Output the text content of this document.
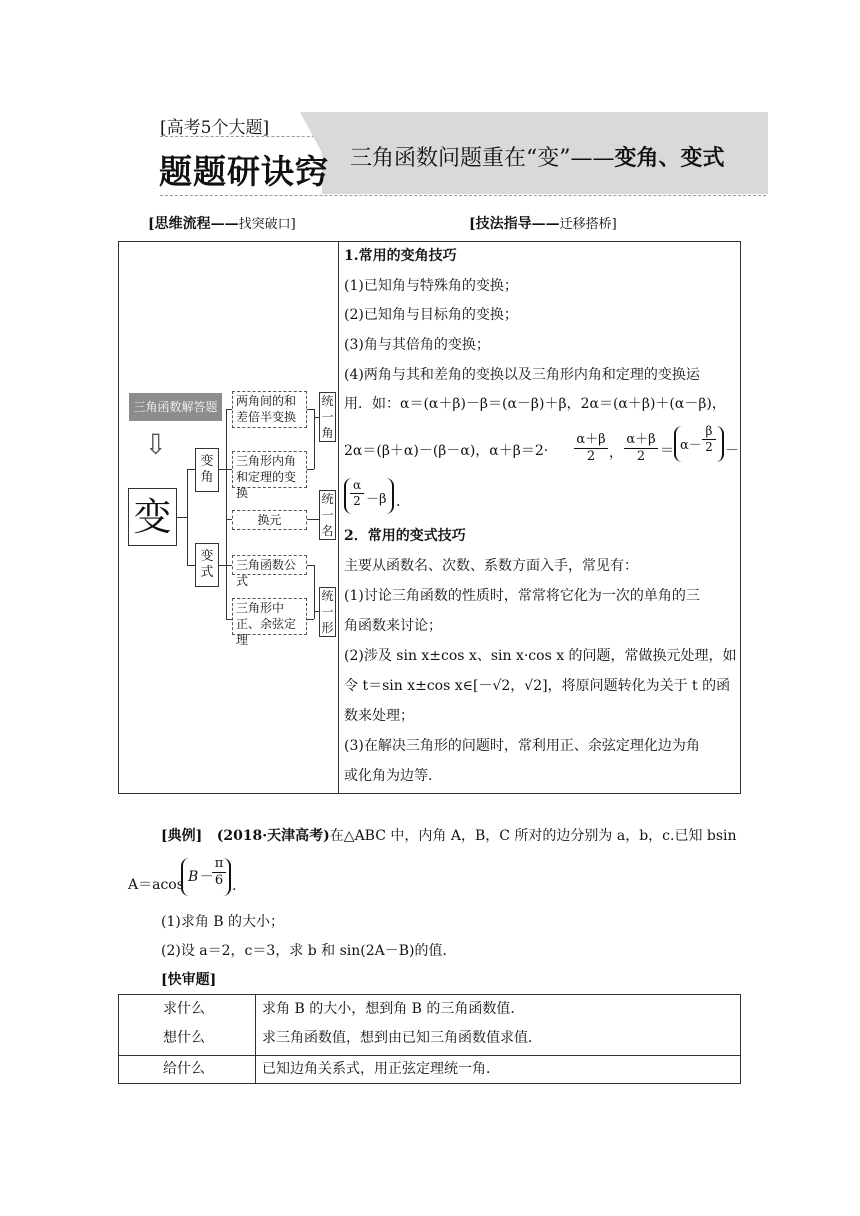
[高考5个大题]
题题研诀窍 三角函数问题重在“变”——变角、变式
[思维流程——找突破口]	[技法指导——迁移搭桥]
三角函数解答题
⇩
变
变
角
变
式
两角间的和差倍半变换
三角形内角和定理的变换
换元
三角函数公式
三角形中正、余弦定理
统
一
角
统
一
名
统
一
形
1.常用的变角技巧
(1)已知角与特殊角的变换；
(2)已知角与目标角的变换；
(3)角与其倍角的变换；
(4)两角与其和差角的变换以及三角形内角和定理的变换运
用．如：α＝(α＋β)－β＝(α－β)＋β，2α＝(α＋β)＋(α－β)，
2α＝(β＋α)－(β－α)，$\alpha+\beta=2\cdot \frac{\alpha+\beta}{2}$ ， $\frac{\alpha+\beta}{2} = \alpha-$
β
2 －
α
2 －β .
2．常用的变式技巧
主要从函数名、次数、系数方面入手，常见有：
(1)讨论三角函数的性质时，常常将它化为一次的单角的三
角函数来讨论；
(2)涉及 sin x±cos x、sin x·cos x 的问题，常做换元处理，如
令 t＝sin x±cos x∈[－√2，√2]，将原问题转化为关于 t 的函
数来处理；
(3)在解决三角形的问题时，常利用正、余弦定理化边为角
或化角为边等.
[典例] (2018·天津高考)在△ABC 中，内角 A，B，C 所对的边分别为 a，b，c.已知 bsin
A＝acos B－
π
6 .
(1)求角 B 的大小；
(2)设 a＝2，c＝3，求 b 和 sin(2A－B)的值．
[快审题]
求什么	求角 B 的大小，想到角 B 的三角函数值．
想什么	求三角函数值，想到由已知三角函数值求值．
给什么	已知边角关系式，用正弦定理统一角．
